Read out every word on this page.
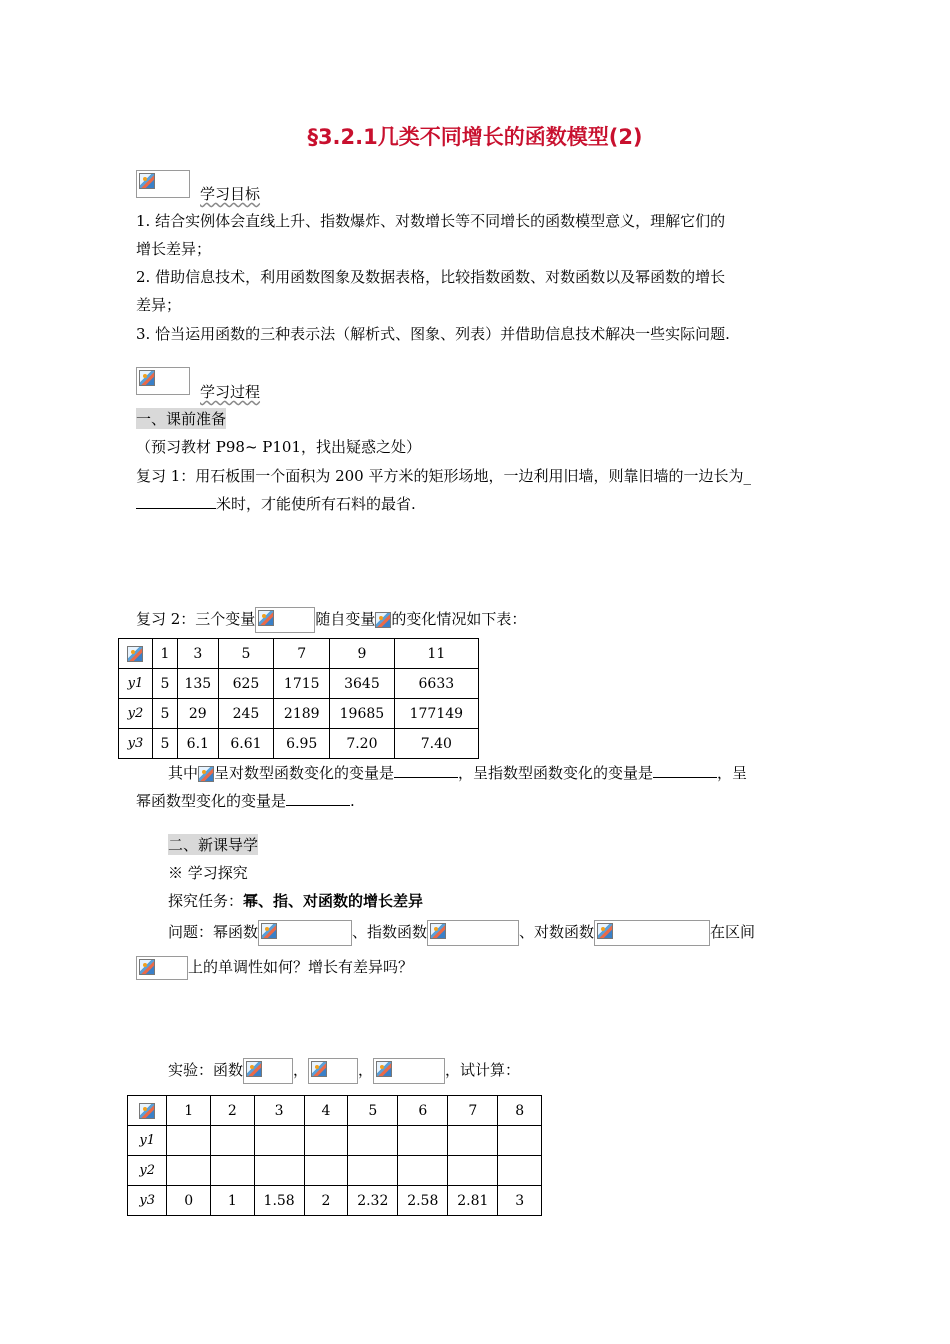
§3.2.1几类不同增长的函数模型(2)
学习目标
1. 结合实例体会直线上升、指数爆炸、对数增长等不同增长的函数模型意义，理解它们的
增长差异；
2. 借助信息技术，利用函数图象及数据表格，比较指数函数、对数函数以及幂函数的增长
差异；
3. 恰当运用函数的三种表示法（解析式、图象、列表）并借助信息技术解决一些实际问题.
学习过程
一、课前准备
（预习教材 P98~ P101，找出疑惑之处）
复习 1：用石板围一个面积为 200 平方米的矩形场地，一边利用旧墙，则靠旧墙的一边长为_
米时，才能使所有石料的最省.
复习 2：三个变量	随自变量 的变化情况如下表：
	1	3	5	7	9	11
y1	5	135	625	1715	3645	6633
y2	5	29	245	2189	19685	177149
y3	5	6.1	6.61	6.95	7.20	7.40
其中 呈对数型函数变化的变量是	，呈指数型函数变化的变量是	，呈
幂函数型变化的变量是	.
二、新课导学
※ 学习探究
探究任务：幂、指、对函数的增长差异
问题：幂函数	、指数函数	、对数函数	在区间
上的单调性如何？增长有差异吗？
实验：函数	，	，	，试计算：
	1	2	3	4	5	6	7	8
y1								
y2								
y3	0	1	1.58	2	2.32	2.58	2.81	3
